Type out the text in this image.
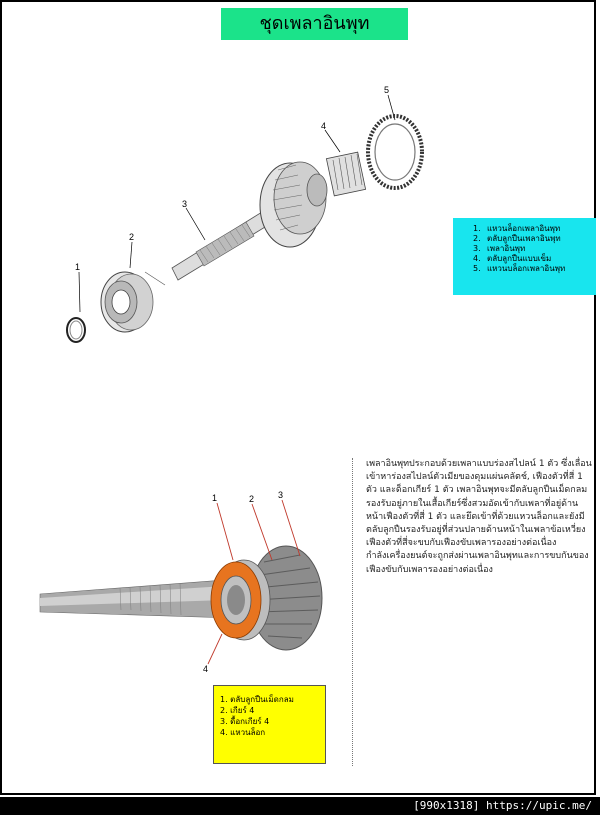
ชุดเพลาอินพุท
1
2
3
4
5
1. แหวนล็อกเพลาอินพุท
2. ตลับลูกปืนเพลาอินพุท
3. เพลาอินพุท
4. ตลับลูกปืนแบบเข็ม
5. แหวนบล็อกเพลาอินพุท
1	2	3
4
1. ตลับลูกปืนเม็ดกลม
2. เกียร์ 4
3. ดื้อกเกียร์ 4
4. แหวนล็อก

เพลาอินพุทประกอบด้วยเพลาแบบร่องสไปลน์ 1 ตัว ซึ่งเลื่อนเข้าหาร่องสไปลน์ตัวเมียของดุมแผ่นคลัตช์, เฟืองตัวที่สี่ 1 ตัว และด็อกเกียร์ 1 ตัว เพลาอินพุทจะมีตลับลูกปืนเม็ดกลมรองรับอยู่ภายในเสื้อเกียร์ซึ่งสวมอัดเข้ากับเพลาที่อยู่ด้านหน้าเฟืองตัวที่สี่ 1 ตัว และยึดเข้าที่ด้วยแหวนล็อกและยังมีตลับลูกปืนรองรับอยู่ที่ส่วนปลายด้านหน้าในเพลาข้อเหวี่ยง เฟืองตัวที่สี่จะขบกับเฟืองขับเพลารองอย่างต่อเนื่อง

กำลังเครื่องยนต์จะถูกส่งผ่านเพลาอินพุทและการขบกันของเฟืองขับกับเพลารองอย่างต่อเนื่อง

[990x1318] https://upic.me/
